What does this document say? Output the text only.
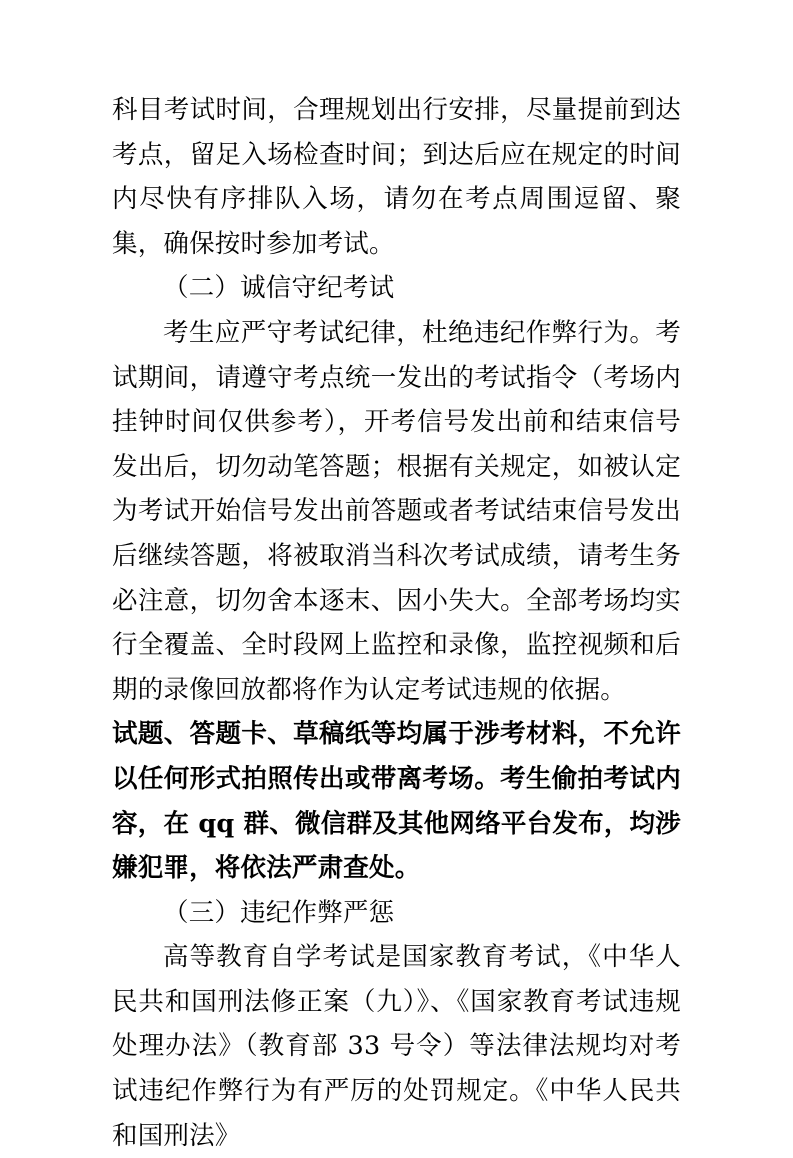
科目考试时间，合理规划出行安排，尽量提前到达考点，留足入场检查时间；到达后应在规定的时间内尽快有序排队入场，请勿在考点周围逗留、聚集，确保按时参加考试。

（二）诚信守纪考试

考生应严守考试纪律，杜绝违纪作弊行为。考试期间，请遵守考点统一发出的考试指令（考场内挂钟时间仅供参考），开考信号发出前和结束信号发出后，切勿动笔答题；根据有关规定，如被认定为考试开始信号发出前答题或者考试结束信号发出后继续答题，将被取消当科次考试成绩，请考生务必注意，切勿舍本逐末、因小失大。全部考场均实行全覆盖、全时段网上监控和录像，监控视频和后期的录像回放都将作为认定考试违规的依据。

试题、答题卡、草稿纸等均属于涉考材料，不允许以任何形式拍照传出或带离考场。考生偷拍考试内容，在 qq 群、微信群及其他网络平台发布，均涉嫌犯罪，将依法严肃查处。

（三）违纪作弊严惩

高等教育自学考试是国家教育考试，《中华人民共和国刑法修正案（九）》、《国家教育考试违规处理办法》（教育部 33 号令）等法律法规均对考试违纪作弊行为有严厉的处罚规定。《中华人民共和国刑法》
